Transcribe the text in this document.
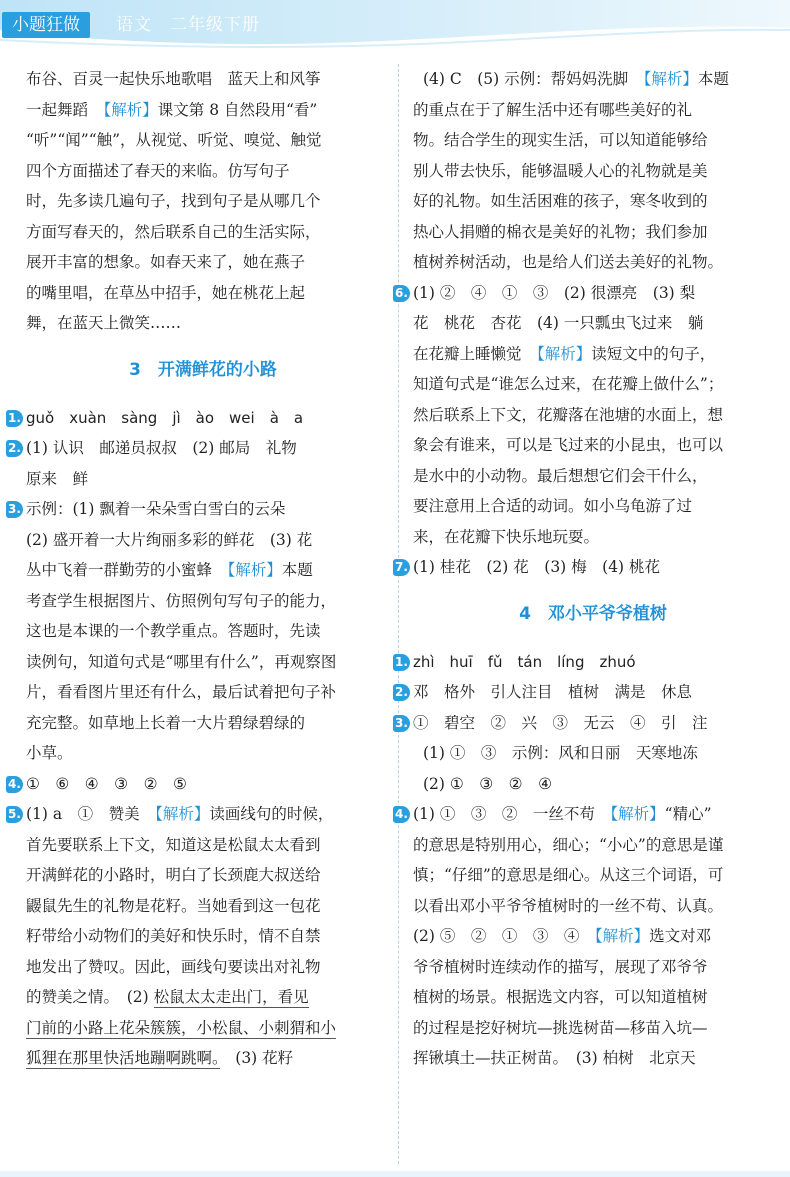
小题狂做	语文　二年级下册
布谷、百灵一起快乐地歌唱　蓝天上和风筝
一起舞蹈　【解析】课文第 8 自然段用“看”
“听”“闻”“触”，从视觉、听觉、嗅觉、触觉
四个方面描述了春天的来临。仿写句子
时，先多读几遍句子，找到句子是从哪几个
方面写春天的，然后联系自己的生活实际，
展开丰富的想象。如春天来了，她在燕子
的嘴里唱，在草丛中招手，她在桃花上起
舞，在蓝天上微笑……
3　开满鲜花的小路
1. guǒ　xuàn　sàng　jì　ào　wei　à　a
2. (1) 认识　邮递员叔叔　(2) 邮局　礼物
原来　鲜
3. 示例：(1) 飘着一朵朵雪白雪白的云朵
(2) 盛开着一大片绚丽多彩的鲜花　(3) 花
丛中飞着一群勤劳的小蜜蜂　【解析】本题
考查学生根据图片、仿照例句写句子的能力，
这也是本课的一个教学重点。答题时，先读
读例句，知道句式是“哪里有什么”，再观察图
片，看看图片里还有什么，最后试着把句子补
充完整。如草地上长着一大片碧绿碧绿的
小草。
4. ①　⑥　④　③　②　⑤
5. (1) a　①　赞美　【解析】读画线句的时候，
首先要联系上下文，知道这是松鼠太太看到
开满鲜花的小路时，明白了长颈鹿大叔送给
鼹鼠先生的礼物是花籽。当她看到这一包花
籽带给小动物们的美好和快乐时，情不自禁
地发出了赞叹。因此，画线句要读出对礼物
的赞美之情。　(2) 松鼠太太走出门，看见
门前的小路上花朵簇簇，小松鼠、小刺猬和小
狐狸在那里快活地蹦啊跳啊。　(3) 花籽
(4) C　(5) 示例：帮妈妈洗脚　【解析】本题
的重点在于了解生活中还有哪些美好的礼
物。结合学生的现实生活，可以知道能够给
别人带去快乐，能够温暖人心的礼物就是美
好的礼物。如生活困难的孩子，寒冬收到的
热心人捐赠的棉衣是美好的礼物；我们参加
植树养树活动，也是给人们送去美好的礼物。
6. (1) ②　④　①　③　(2) 很漂亮　(3) 梨
花　桃花　杏花　(4) 一只瓢虫飞过来　躺
在花瓣上睡懒觉　【解析】读短文中的句子，
知道句式是“谁怎么过来，在花瓣上做什么”；
然后联系上下文，花瓣落在池塘的水面上，想
象会有谁来，可以是飞过来的小昆虫，也可以
是水中的小动物。最后想想它们会干什么，
要注意用上合适的动词。如小乌龟游了过
来，在花瓣下快乐地玩耍。
7. (1) 桂花　(2) 花　(3) 梅　(4) 桃花
4　邓小平爷爷植树
1. zhì　huī　fǔ　tán　líng　zhuó
2. 邓　格外　引人注目　植树　满是　休息
3. ①　碧空　②　兴　③　无云　④　引　注
(1) ①　③　示例：风和日丽　天寒地冻
(2) ①　③　②　④
4. (1) ①　③　②　一丝不苟　【解析】“精心”
的意思是特别用心，细心；“小心”的意思是谨
慎；“仔细”的意思是细心。从这三个词语，可
以看出邓小平爷爷植树时的一丝不苟、认真。
(2) ⑤　②　①　③　④　【解析】选文对邓
爷爷植树时连续动作的描写，展现了邓爷爷
植树的场景。根据选文内容，可以知道植树
的过程是挖好树坑—挑选树苗—移苗入坑—
挥锹填土—扶正树苗。　(3) 柏树　北京天
